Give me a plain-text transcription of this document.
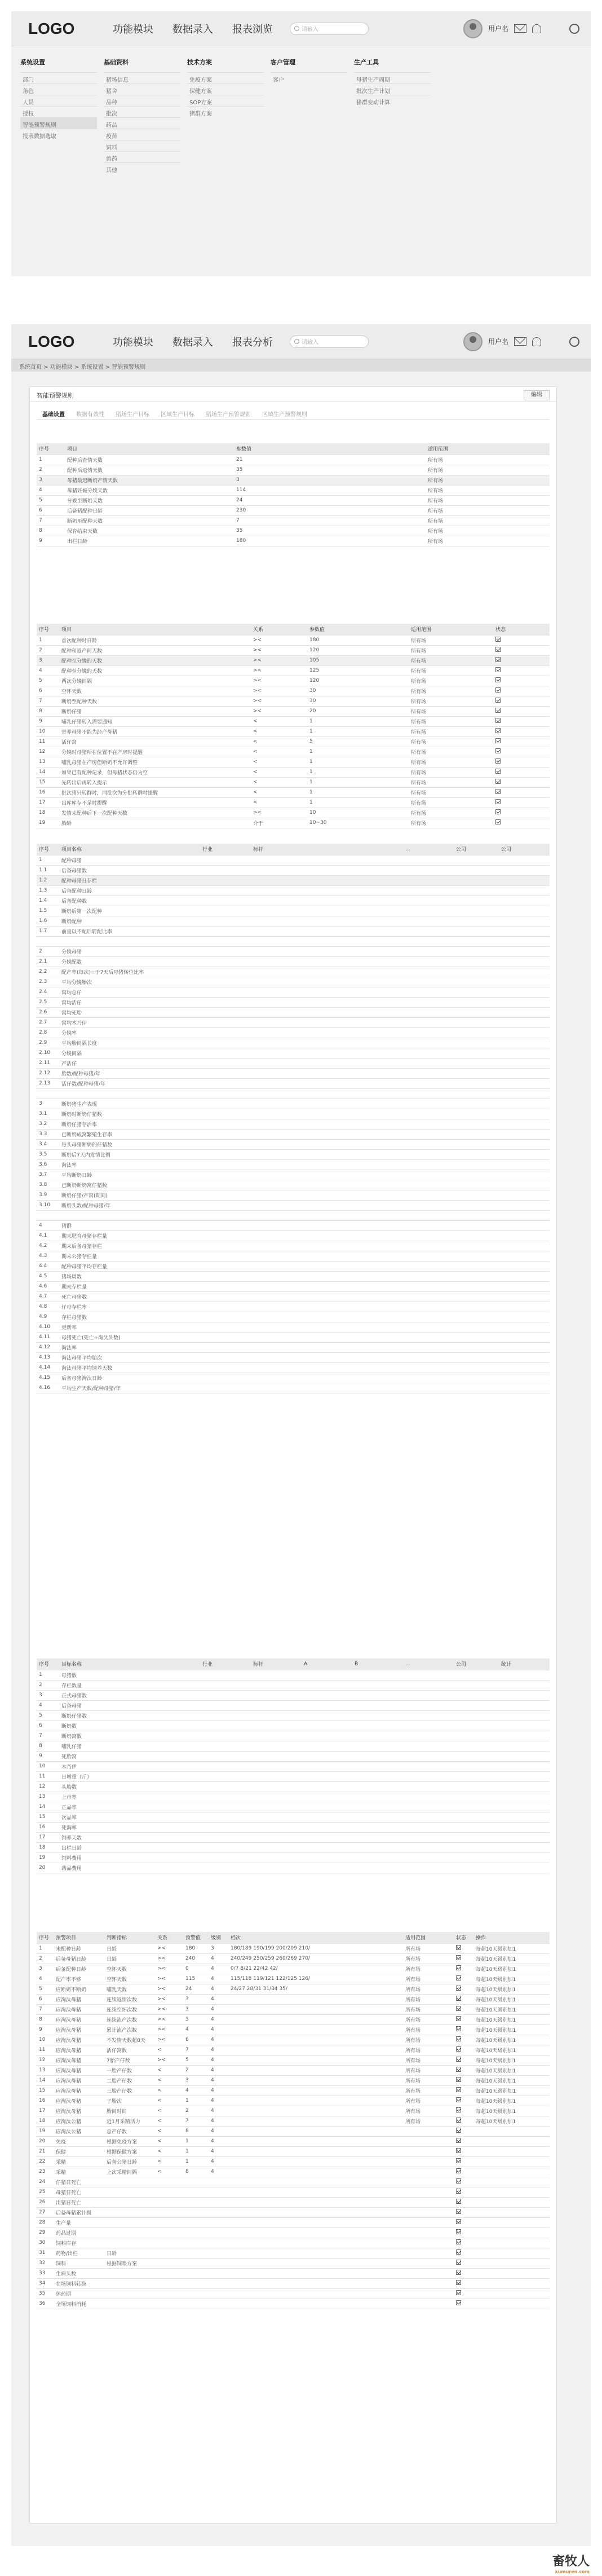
LOGO	功能模块 数据录入 报表浏览	请输入	用户名
系统设置
部门
角色
人员
授权
智能预警规则
报表数据选取
基础资料
猪场信息
猪舍
品种
批次
药品
疫苗
饲料
兽药
其他
技术方案
免疫方案
保健方案
SOP方案
猪群方案
客户管理
客户
生产工具
母猪生产周期
批次生产计划
猪群变动计算
LOGO	功能模块 数据录入 报表分析	请输入	用户名
系统首页 > 功能模块 > 系统设置 > 智能预警规则
智能预警规则	编辑
基础设置	数据有效性	猪场生产目标	区域生产目标	猪场生产预警规则	区域生产预警规则
序号	项目	参数值	适用范围
1	配种后查情天数	21	所有场
2	配种后返情天数	35	所有场
3	母猪最迟断奶产情天数	3	所有场
4	母猪妊娠分娩天数	114	所有场
5	分娩至断奶天数	24	所有场
6	后备猪配种日龄	230	所有场
7	断奶至配种天数	7	所有场
8	保育结束天数	35	所有场
9	出栏日龄	180	所有场
序号	项目	关系	参数值	适用范围	状态
1	首次配种时日龄	><	180	所有场	
2	配种和返产间天数	><	120	所有场	
3	配种至分娩的天数	><	105	所有场	
4	配种至分娩的天数	><	125	所有场	
5	两次分娩间隔	><	120	所有场	
6	空怀天数	><	30	所有场	
7	断奶至配种天数	><	30	所有场	
8	断奶仔猪	><	20	所有场	
9	哺乳仔猪转入需要通知	<	1	所有场	
10	寄养母猪不能为经产母猪	<	1	所有场	
11	活仔窝	<	5	所有场	
12	分娩时母猪所在位置不在产房时提醒	<	1	所有场	
13	哺乳母猪在产房但断奶不允许调整	<	1	所有场	
14	如果已有配种记录，但母猪状态仍为空	<	1	所有场	
15	先转出后再转入提示	<	1	所有场	
16	批次猪只转群时，同批次为分批转群时提醒	<	1	所有场	
17	出库库存不足时提醒	<	1	所有场	
18	发情未配种后下一次配种天数	><	10	所有场	
19	胎龄	介于	10~30	所有场	
序号	项目名称	行业	标杆			...	公司	公司
1	配种母猪							
1.1	后备母猪数							
1.2	配种母猪日存栏							
1.3	后备配种日龄							
1.4	后备配种数							
1.5	断奶后第一次配种							
1.6	断奶配种							
1.7	前量以不配后转配比率							

2	分娩母猪							
2.1	分娩配数							
2.2	配产率(每次)=于7天后母猪转位比率							
2.3	平均分娩胎次							
2.4	窝均总仔							
2.5	窝均活仔							
2.6	窝均死胎							
2.7	窝均木乃伊							
2.8	分娩率							
2.9	平均胎间隔长度							
2.10	分娩间隔							
2.11	产活仔							
2.12	胎数/配种母猪/年							
2.13	活仔数/配种母猪/年							

3	断奶猪生产表现							
3.1	断奶时断奶仔猪数							
3.2	断奶仔猪存活率							
3.3	已断奶成窝繁殖生存率							
3.4	每头母猪断奶的仔猪数							
3.5	断奶后7天内发情比例							
3.6	淘汰率							
3.7	平均断奶日龄							
3.8	已断奶断奶窝仔猪数							
3.9	断奶仔猪/产窝(期间)							
3.10	断奶头数/配种母猪/年							

4	猪群							
4.1	期末肥育母猪存栏量							
4.2	期末后备母猪存栏							
4.3	期末公猪存栏量							
4.4	配种母猪平均存栏量							
4.5	猪场周数							
4.6	期末存栏量							
4.7	死亡母猪数							
4.8	仔母存栏率							
4.9	存栏母猪数							
4.10	更新率							
4.11	母猪死亡(死亡+淘汰头数)							
4.12	淘汰率							
4.13	淘汰母猪平均胎次							
4.14	淘汰母猪平均饲养天数							
4.15	后备母猪淘汰日龄							
4.16	平均生产天数/配种母猪/年							
序号	目标名称	行业	标杆	A	B	...	公司	统计
1	母猪数							
2	存栏数量							
3	正式母猪数							
4	后备母猪							
5	断奶仔猪数							
6	断奶数							
7	断奶窝数							
8	哺乳仔猪							
9	死胎窝							
10	木乃伊							
11	日增重（斤）							
12	头胎数							
13	上市率							
14	正品率							
15	次品率							
16	死淘率							
17	饲养天数							
18	出栏日龄							
19	饲料费用							
20	药品费用							
序号	预警项目	判断指标	关系	预警值	级别	档次		适用范围	状态	操作
1	未配种日龄	日龄	><	180	3	180/189 190/199 200/209 210/		所有场		每超10天级别加1
2	后备母猪日龄	日龄	><	240	4	240/249 250/259 260/269 270/		所有场		每超10天级别加1
3	后备配种日龄	空怀天数	><	0	4	0/7 8/21 22/42 42/		所有场		每超10天级别加1
4	配产率不够	空怀天数	><	115	4	115/118 119/121 122/125 126/		所有场		每超10天级别加1
5	应断奶不断奶	哺乳天数	><	24	4	24/27 28/31 31/34 35/		所有场		每超10天级别加1
6	应淘汰母猪	连续返情次数	><	3	4			所有场		每超10天级别加1
7	应淘汰母猪	连续空怀次数	><	3	4			所有场		每超10天级别加1
8	应淘汰母猪	连续流产次数	><	3	4			所有场		每超10天级别加1
9	应淘汰母猪	累计流产次数	><	4	4			所有场		每超10天级别加1
10	应淘汰母猪	不发情天数超8天	><	6	4			所有场		每超10天级别加1
11	应淘汰母猪	活仔窝数	<	7	4			所有场		每超10天级别加1
12	应淘汰母猪	7胎产仔数	><	5	4			所有场		每超10天级别加1
13	应淘汰母猪	一胎产仔数	<	2	4			所有场		每超10天级别加1
14	应淘汰母猪	二胎产仔数	<	3	4			所有场		每超10天级别加1
15	应淘汰母猪	三胎产仔数	<	4	4			所有场		每超10天级别加1
16	应淘汰母猪	子胎次	<	1	4			所有场		每超10天级别加1
17	应淘汰母猪	胎间时间	<	2	4			所有场		每超10天级别加1
18	应淘汰公猪	近1月采精活力	<	7	4			所有场		每超10天级别加1
19	应淘汰公猪	总产仔数	<	8	4					
20	免疫	根据免疫方案	<	1	4					
21	保健	根据保健方案	<	1	4					
22	采精	后备公猪日龄	<	1	4					
23	采精	上次采精间隔	<	8	4					
24	仔猪日死亡									
25	母猪日死亡									
26	出猪日死亡									
27	后备母猪累计损									
28	生产量									
29	药品过期									
30	饲料库存									
31	药物/出栏	日龄								
32	饲料	根据饲喂方案								
33	生病头数									
34	在场饲料转换									
35	休药期									
36	全场饲料消耗									
畜牧人
xumuren.com
